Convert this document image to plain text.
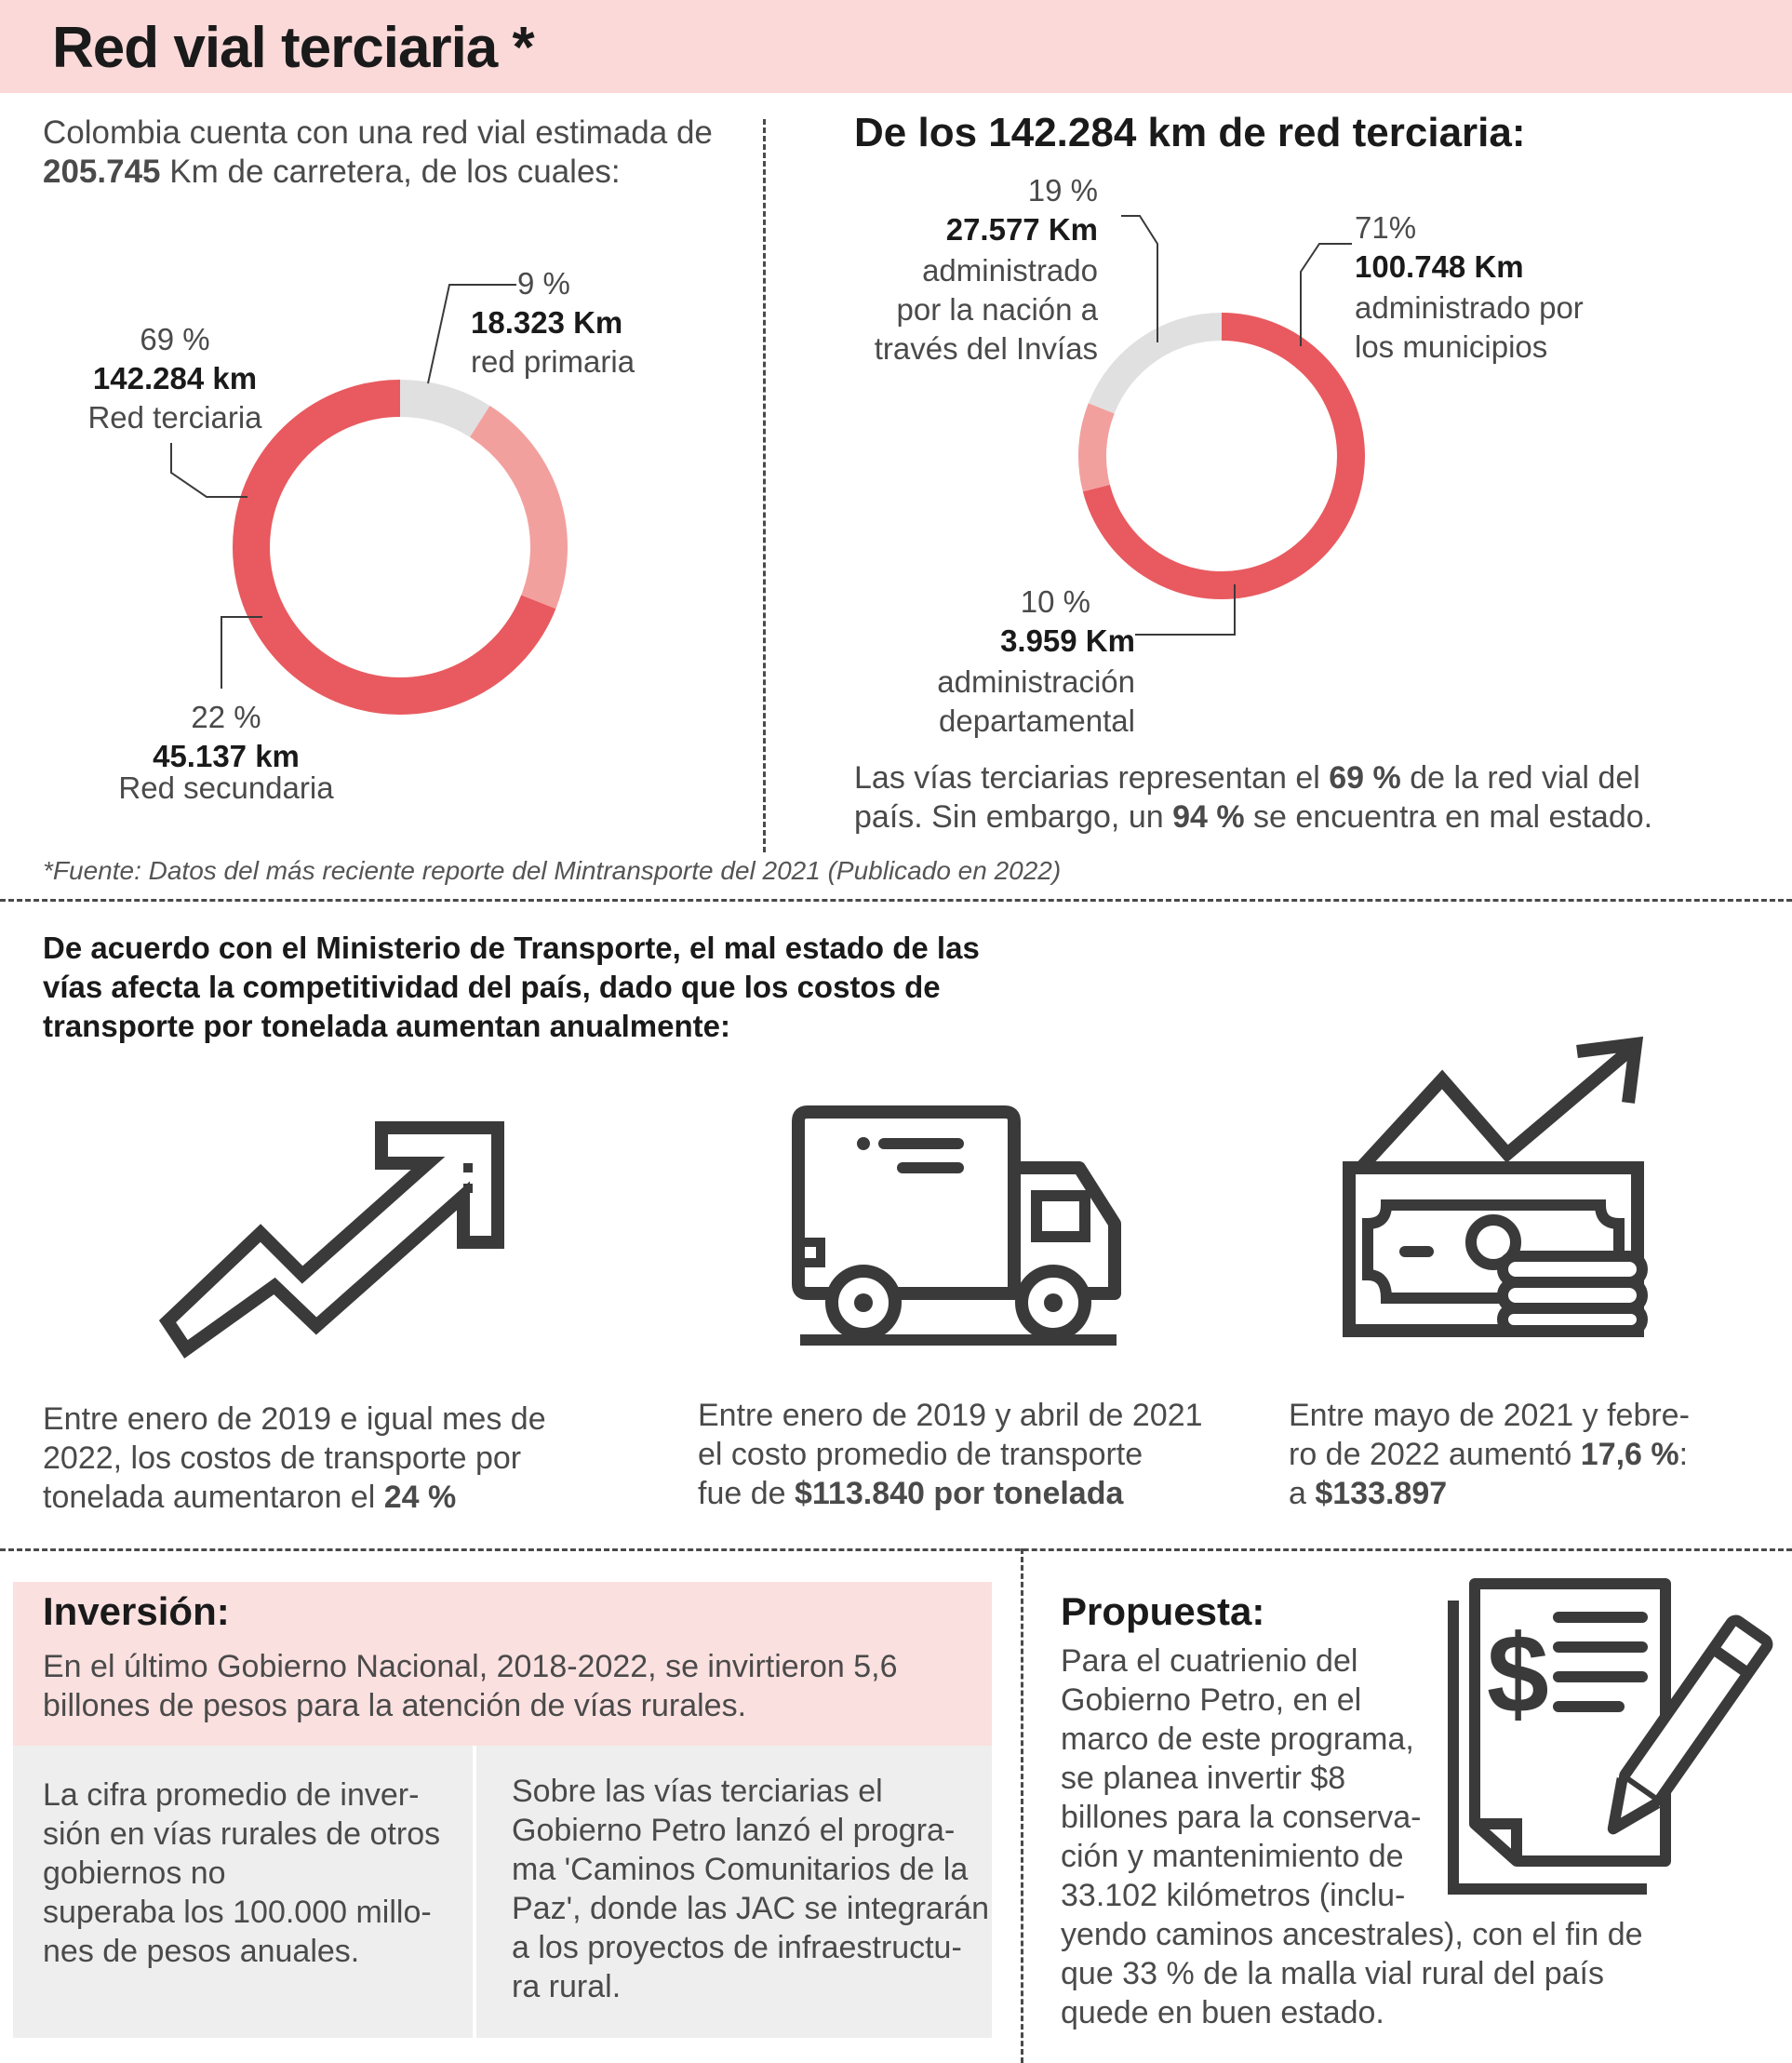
Red vial terciaria *
Colombia cuenta con una red vial estimada de
205.745 Km de carretera, de los cuales:
De los 142.284 km de red terciaria:
9 %
18.323 Km
red primaria
69 %
142.284 km
Red terciaria
22 %
45.137 km
Red secundaria
19 %
27.577 Km
administrado
por la nación a
través del Invías
71%
100.748 Km
administrado por
los municipios
10 %
3.959 Km
administración
departamental
Las vías terciarias representan el 69 % de la red vial del
país. Sin embargo, un 94 % se encuentra en mal estado.
*Fuente: Datos del más reciente reporte del Mintransporte del 2021 (Publicado en 2022)
De acuerdo con el Ministerio de Transporte, el mal estado de las
vías afecta la competitividad del país, dado que los costos de
transporte por tonelada aumentan anualmente:
Entre enero de 2019 e igual mes de
2022, los costos de transporte por
tonelada aumentaron el 24 %
Entre enero de 2019 y abril de 2021
el costo promedio de transporte
fue de $113.840 por tonelada
Entre mayo de 2021 y febre-
ro de 2022 aumentó 17,6 %:
a $133.897
Inversión:
En el último Gobierno Nacional, 2018-2022, se invirtieron 5,6
billones de pesos para la atención de vías rurales.
La cifra promedio de inver-
sión en vías rurales de otros
gobiernos no
superaba los 100.000 millo-
nes de pesos anuales.
Sobre las vías terciarias el
Gobierno Petro lanzó el progra-
ma 'Caminos Comunitarios de la
Paz', donde las JAC se integrarán
a los proyectos de infraestructu-
ra rural.
Propuesta:
Para el cuatrienio del
Gobierno Petro, en el
marco de este programa,
se planea invertir $8
billones para la conserva-
ción y mantenimiento de
33.102 kilómetros (inclu-
yendo caminos ancestrales), con el fin de
que 33 % de la malla vial rural del país
quede en buen estado.
$
